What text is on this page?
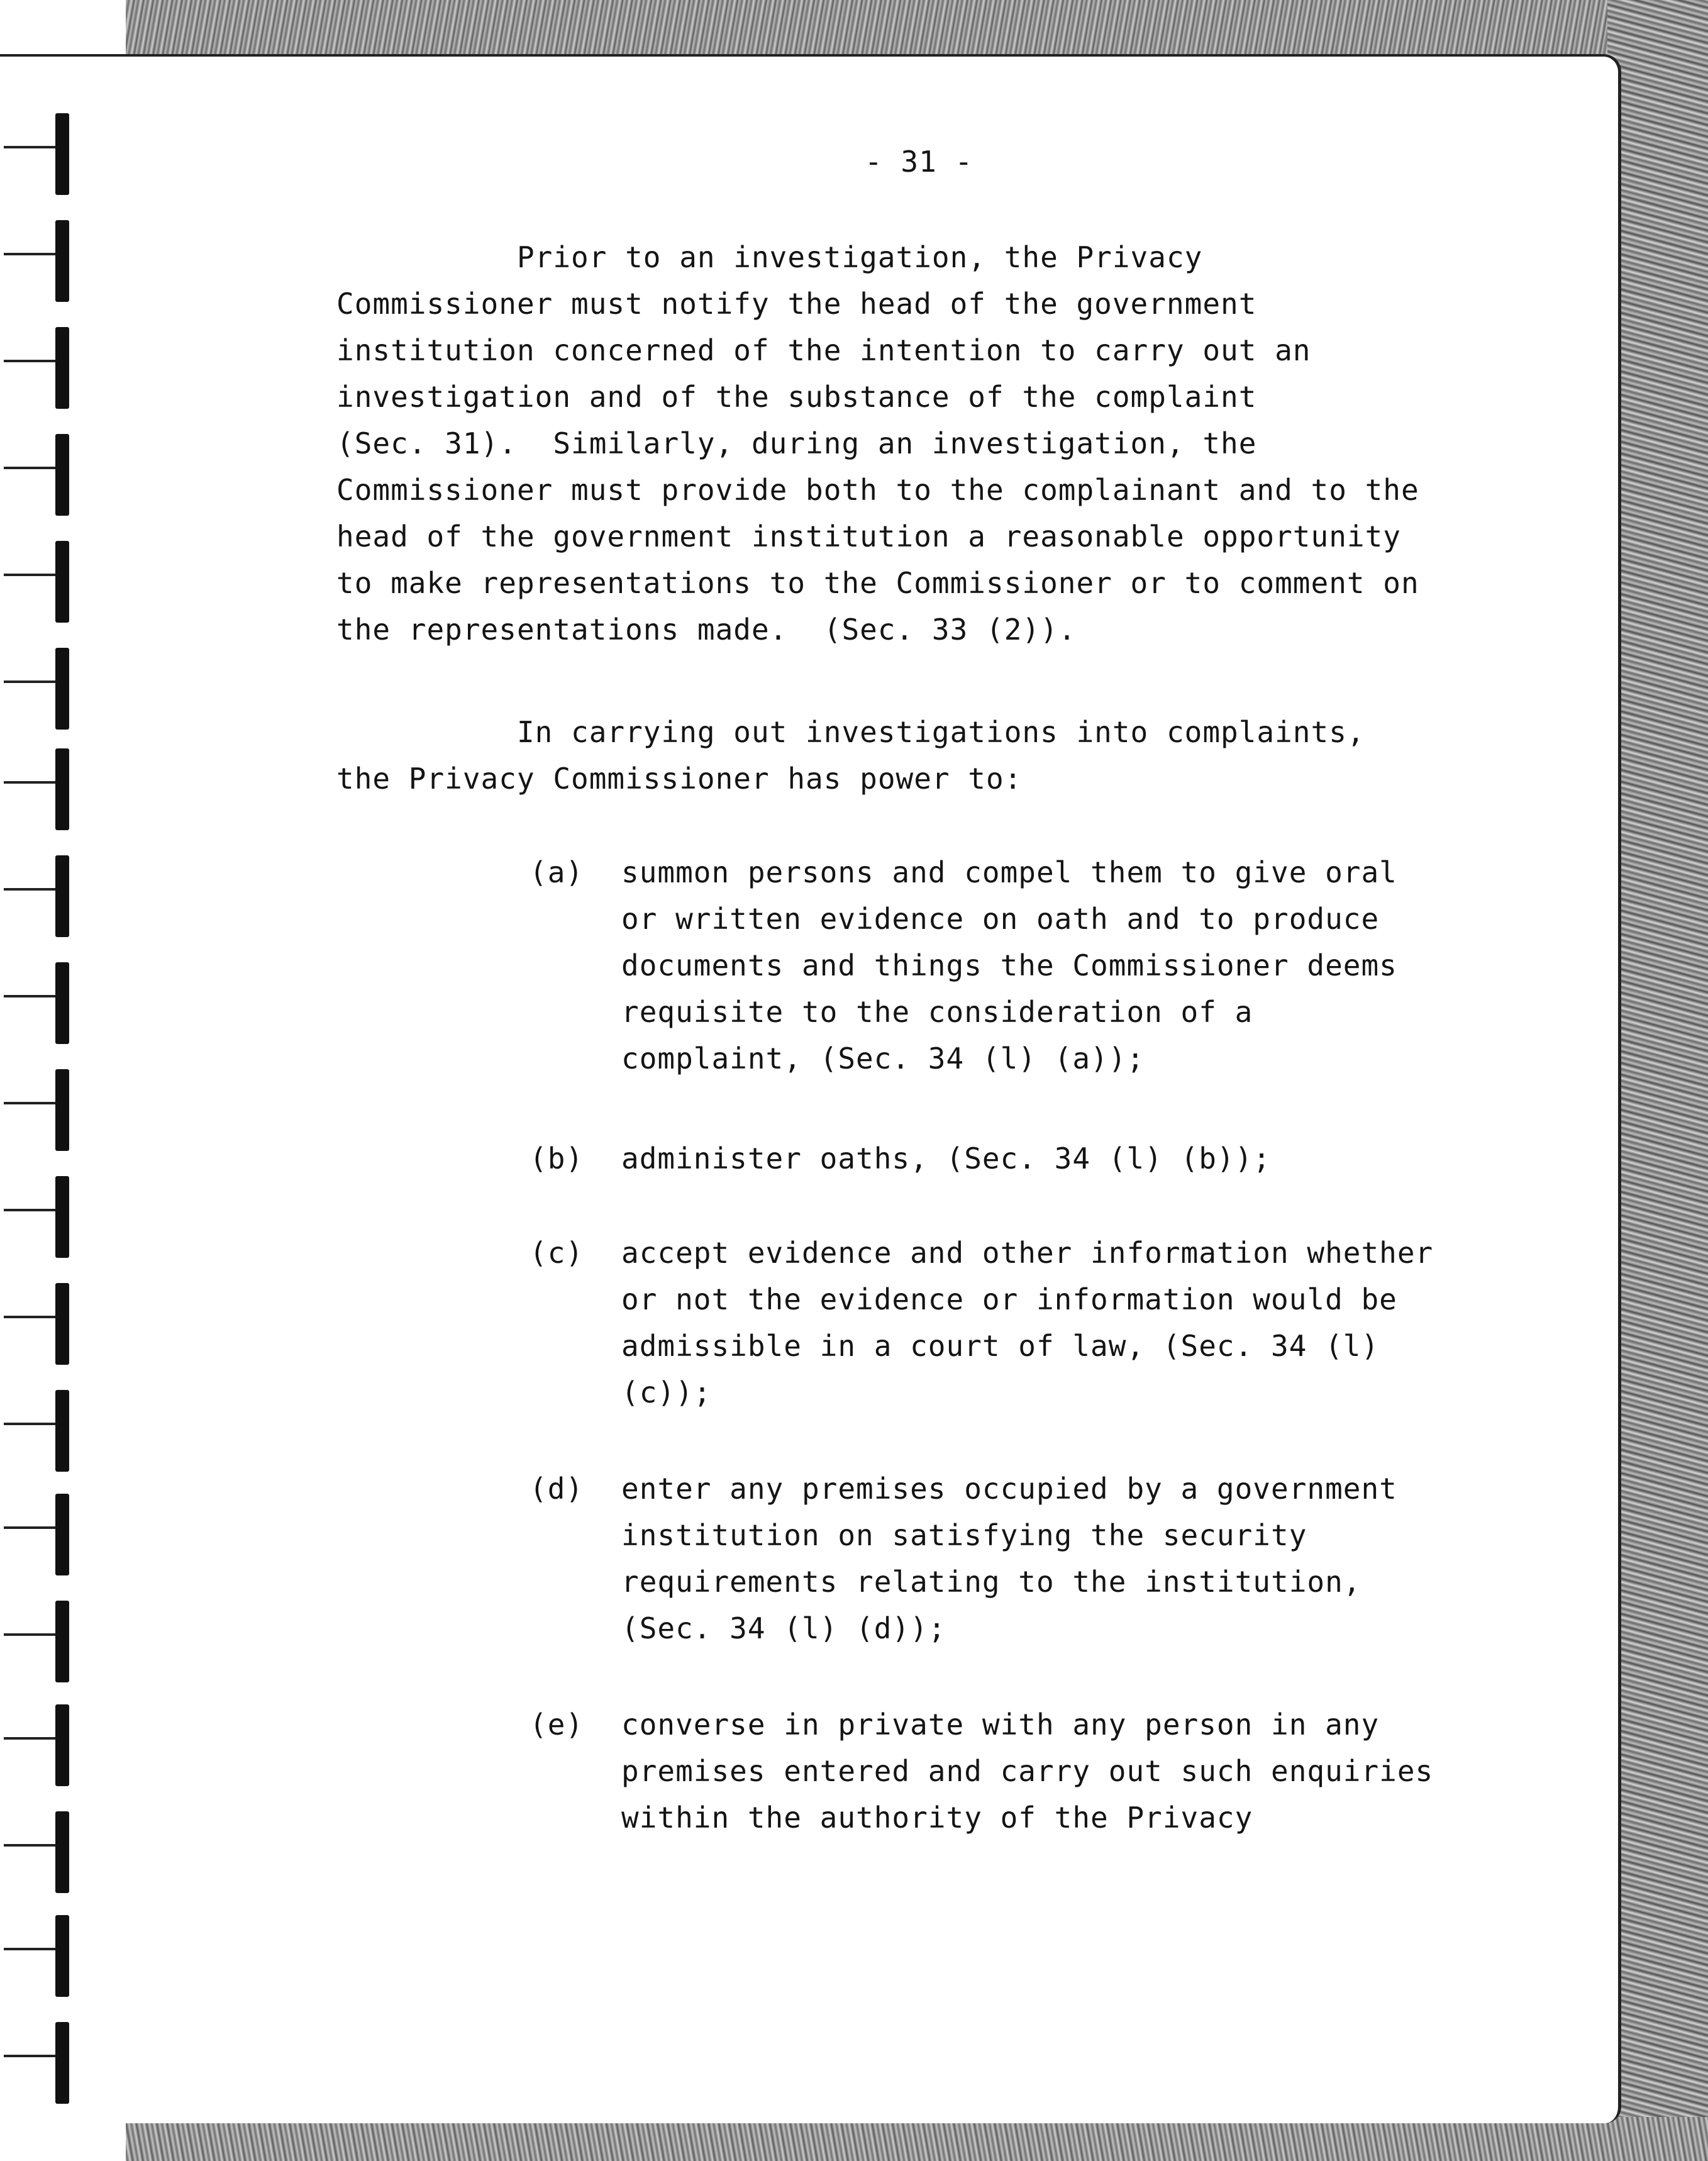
- 31 -

Prior to an investigation, the Privacy

Commissioner must notify the head of the government

institution concerned of the intention to carry out an

investigation and of the substance of the complaint

(Sec. 31).  Similarly, during an investigation, the

Commissioner must provide both to the complainant and to the

head of the government institution a reasonable opportunity

to make representations to the Commissioner or to comment on

the representations made.  (Sec. 33 (2)).

In carrying out investigations into complaints,

the Privacy Commissioner has power to:

(a) summon persons and compel them to give oral

or written evidence on oath and to produce

documents and things the Commissioner deems

requisite to the consideration of a

complaint, (Sec. 34 (l) (a));

(b) administer oaths, (Sec. 34 (l) (b));

(c) accept evidence and other information whether

or not the evidence or information would be

admissible in a court of law, (Sec. 34 (l)

(c));

(d) enter any premises occupied by a government

institution on satisfying the security

requirements relating to the institution,

(Sec. 34 (l) (d));

(e) converse in private with any person in any

premises entered and carry out such enquiries

within the authority of the Privacy
